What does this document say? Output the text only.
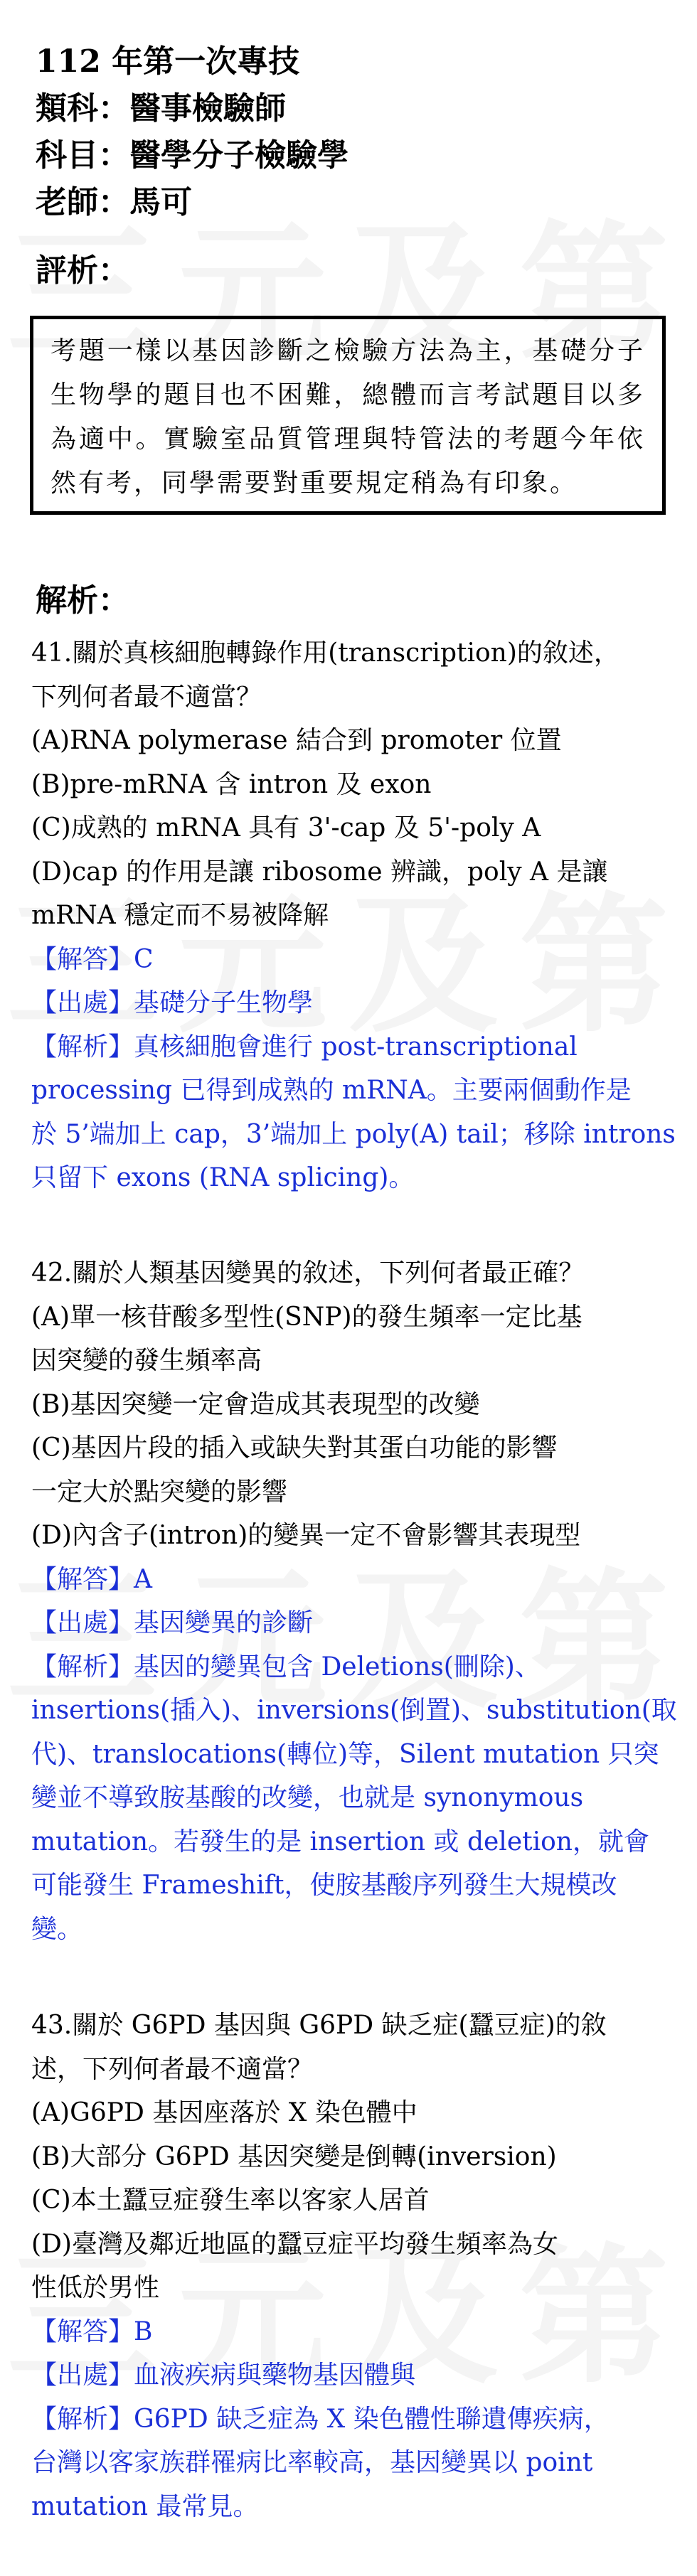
112 年第一次專技
類科：醫事檢驗師
科目：醫學分子檢驗學
老師：馬可
評析：
考題一樣以基因診斷之檢驗方法為主，基礎分子生物學的題目也不困難，總體而言考試題目以多為適中。實驗室品質管理與特管法的考題今年依然有考，同學需要對重要規定稍為有印象。
解析：
41.關於真核細胞轉錄作用(transcription)的敘述，
下列何者最不適當？
(A)RNA polymerase 結合到 promoter 位置
(B)pre-mRNA 含 intron 及 exon
(C)成熟的 mRNA 具有 3'-cap 及 5'-poly A
(D)cap 的作用是讓 ribosome 辨識，poly A 是讓
mRNA 穩定而不易被降解
【解答】C
【出處】基礎分子生物學
【解析】真核細胞會進行 post-transcriptional
processing 已得到成熟的 mRNA。主要兩個動作是
於 5’端加上 cap，3’端加上 poly(A) tail；移除 introns
只留下 exons (RNA splicing)。
42.關於人類基因變異的敘述，下列何者最正確？
(A)單一核苷酸多型性(SNP)的發生頻率一定比基
因突變的發生頻率高
(B)基因突變一定會造成其表現型的改變
(C)基因片段的插入或缺失對其蛋白功能的影響
一定大於點突變的影響
(D)內含子(intron)的變異一定不會影響其表現型
【解答】A
【出處】基因變異的診斷
【解析】基因的變異包含 Deletions(刪除)、
insertions(插入)、inversions(倒置)、substitution(取
代)、translocations(轉位)等，Silent mutation 只突
變並不導致胺基酸的改變，也就是 synonymous
mutation。若發生的是 insertion 或 deletion，就會
可能發生 Frameshift，使胺基酸序列發生大規模改
變。
43.關於 G6PD 基因與 G6PD 缺乏症(蠶豆症)的敘
述，下列何者最不適當？
(A)G6PD 基因座落於 X 染色體中
(B)大部分 G6PD 基因突變是倒轉(inversion)
(C)本土蠶豆症發生率以客家人居首
(D)臺灣及鄰近地區的蠶豆症平均發生頻率為女
性低於男性
【解答】B
【出處】血液疾病與藥物基因體與
【解析】G6PD 缺乏症為 X 染色體性聯遺傳疾病，
台灣以客家族群罹病比率較高，基因變異以 point
mutation 最常見。
